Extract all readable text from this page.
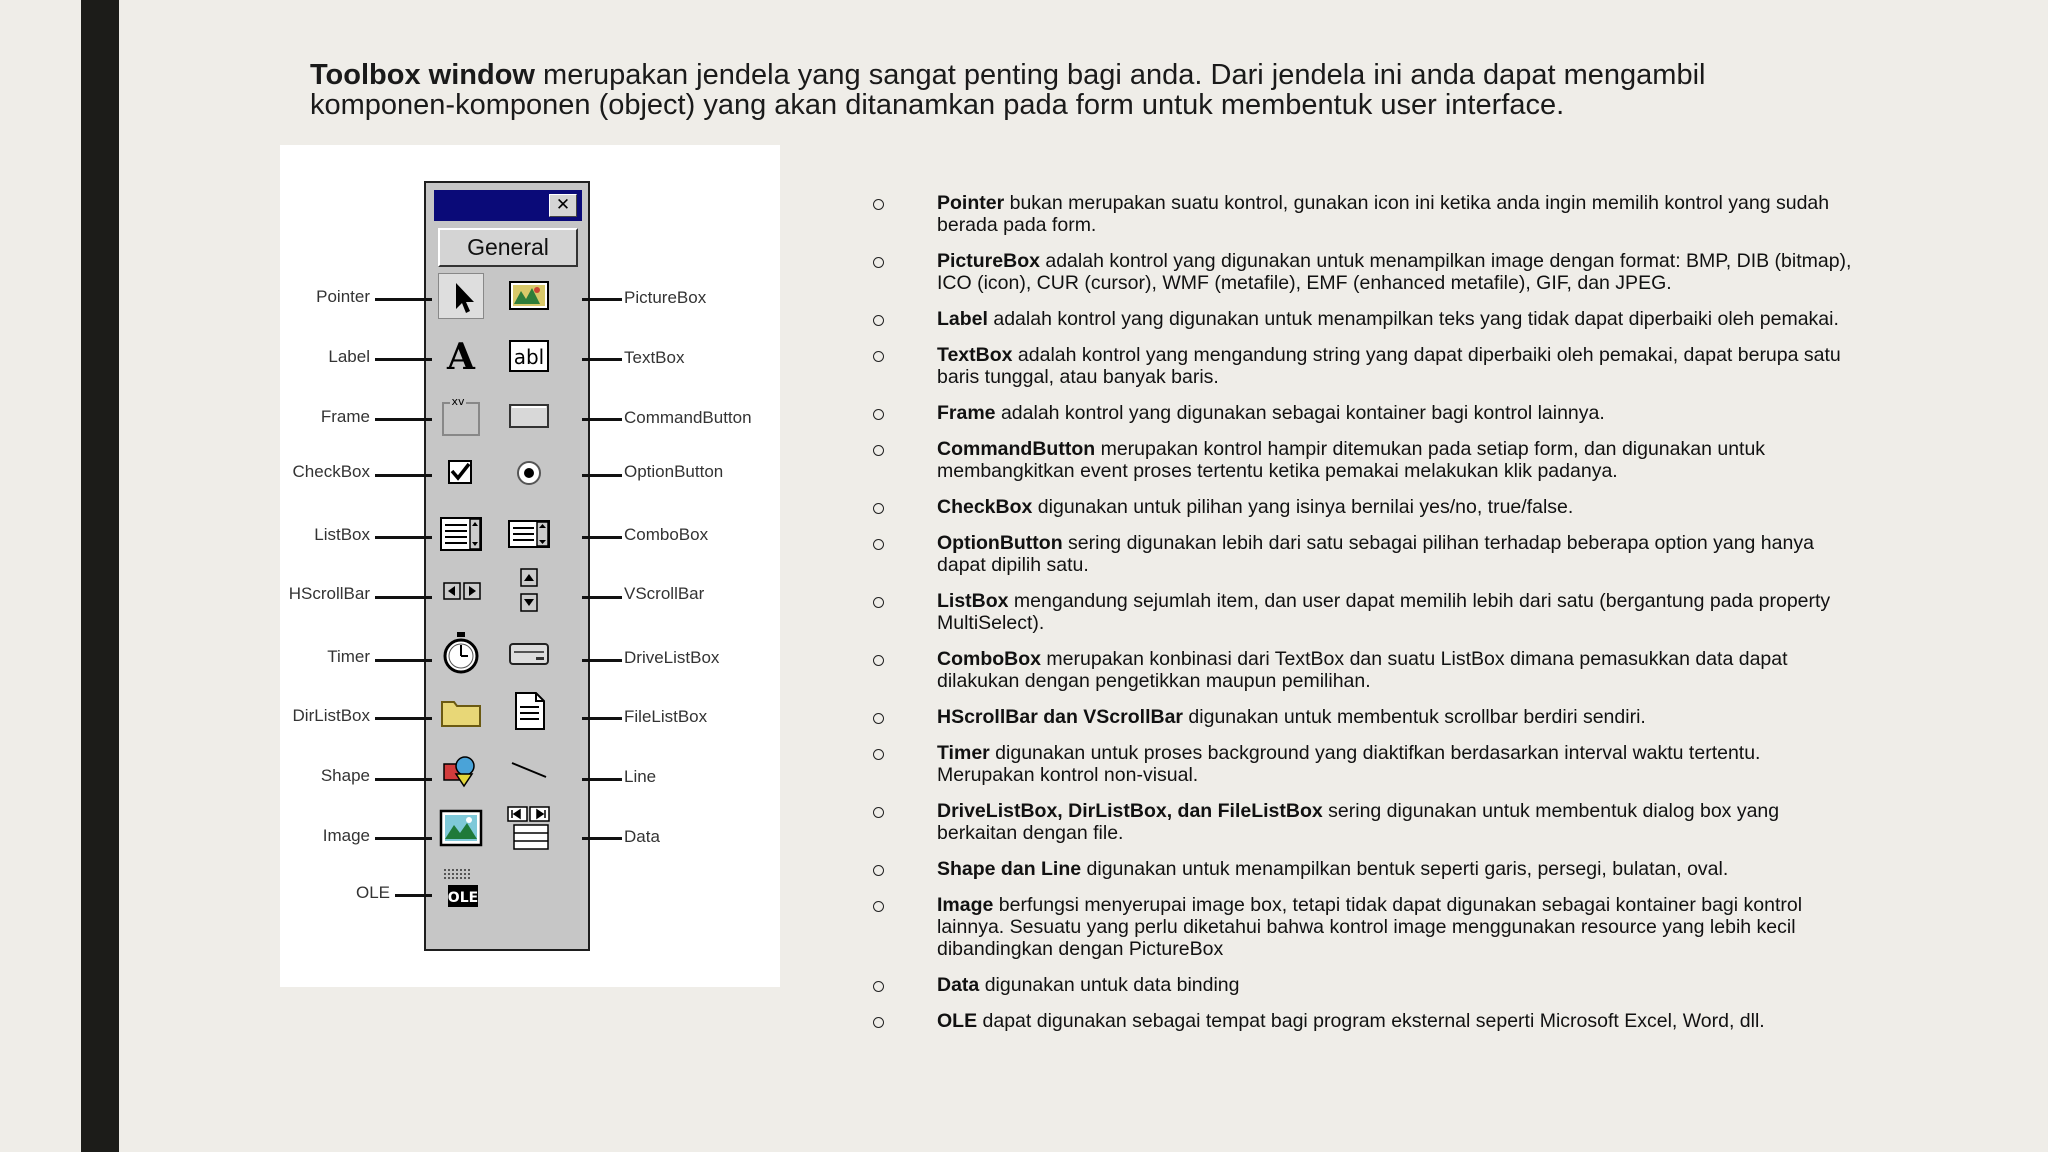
Toolbox window merupakan jendela yang sangat penting bagi anda. Dari jendela ini anda dapat mengambil komponen-komponen (object) yang akan ditanamkan pada form untuk membentuk user interface.
✕
General
A abl
xv
OLE
Pointer
Label
Frame
CheckBox
ListBox
HScrollBar
Timer
DirListBox
Shape
Image
OLE
PictureBox
TextBox
CommandButton
OptionButton
ComboBox
VScrollBar
DriveListBox
FileListBox
Line
Data
Pointer bukan merupakan suatu kontrol, gunakan icon ini ketika anda ingin memilih kontrol yang sudah berada pada form.
PictureBox adalah kontrol yang digunakan untuk menampilkan image dengan format: BMP, DIB (bitmap), ICO (icon), CUR (cursor), WMF (metafile), EMF (enhanced metafile), GIF, dan JPEG.
Label adalah kontrol yang digunakan untuk menampilkan teks yang tidak dapat diperbaiki oleh pemakai.
TextBox adalah kontrol yang mengandung string yang dapat diperbaiki oleh pemakai, dapat berupa satu baris tunggal, atau banyak baris.
Frame adalah kontrol yang digunakan sebagai kontainer bagi kontrol lainnya.
CommandButton merupakan kontrol hampir ditemukan pada setiap form, dan digunakan untuk membangkitkan event proses tertentu ketika pemakai melakukan klik padanya.
CheckBox digunakan untuk pilihan yang isinya bernilai yes/no, true/false.
OptionButton sering digunakan lebih dari satu sebagai pilihan terhadap beberapa option yang hanya dapat dipilih satu.
ListBox mengandung sejumlah item, dan user dapat memilih lebih dari satu (bergantung pada property MultiSelect).
ComboBox merupakan konbinasi dari TextBox dan suatu ListBox dimana pemasukkan data dapat dilakukan dengan pengetikkan maupun pemilihan.
HScrollBar dan VScrollBar digunakan untuk membentuk scrollbar berdiri sendiri.
Timer digunakan untuk proses background yang diaktifkan berdasarkan interval waktu tertentu. Merupakan kontrol non-visual.
DriveListBox, DirListBox, dan FileListBox sering digunakan untuk membentuk dialog box yang berkaitan dengan file.
Shape dan Line digunakan untuk menampilkan bentuk seperti garis, persegi, bulatan, oval.
Image berfungsi menyerupai image box, tetapi tidak dapat digunakan sebagai kontainer bagi kontrol lainnya. Sesuatu yang perlu diketahui bahwa kontrol image menggunakan resource yang lebih kecil dibandingkan dengan PictureBox
Data digunakan untuk data binding
OLE dapat digunakan sebagai tempat bagi program eksternal seperti Microsoft Excel, Word, dll.
